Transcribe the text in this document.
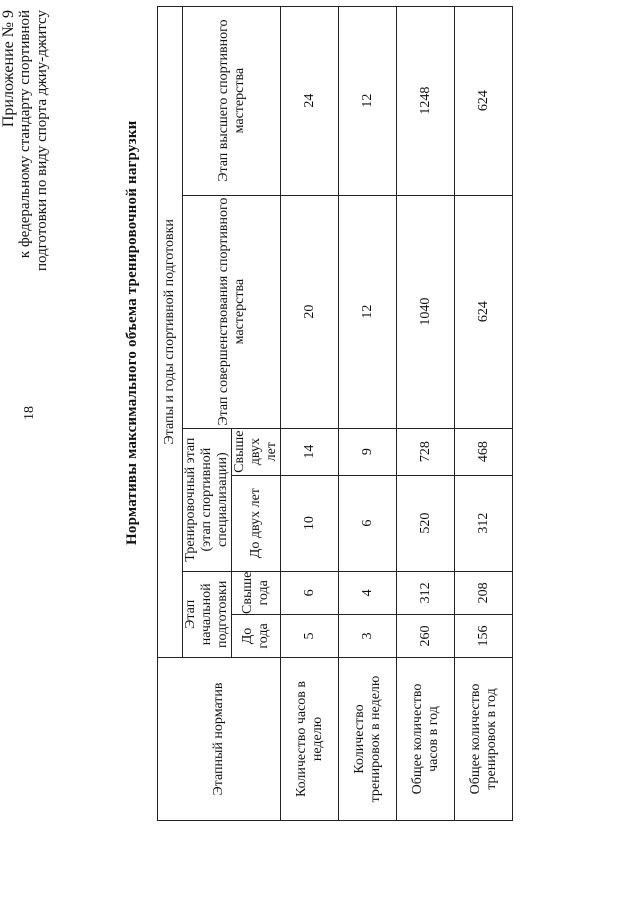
18
Приложение № 9 к федеральному стандарту спортивной подготовки по виду спорта джиу-джитсу	Нормативы максимального объема тренировочной нагрузки
Этапный норматив	Этапы и годы спортивной подготовки					
	Этап начальной подготовки		Тренировочный этап (этап спортивной специализации)		Этап совершенствования спортивного мастерства	Этап высшего спортивного мастерства
	До года	Свыше года	До двух лет	Свыше двух лет		
Количество часов в неделю	5	6	10	14	20	24
Количество тренировок в неделю	3	4	6	9	12	12
Общее количество часов в год	260	312	520	728	1040	1248
Общее количество тренировок в год	156	208	312	468	624	624
